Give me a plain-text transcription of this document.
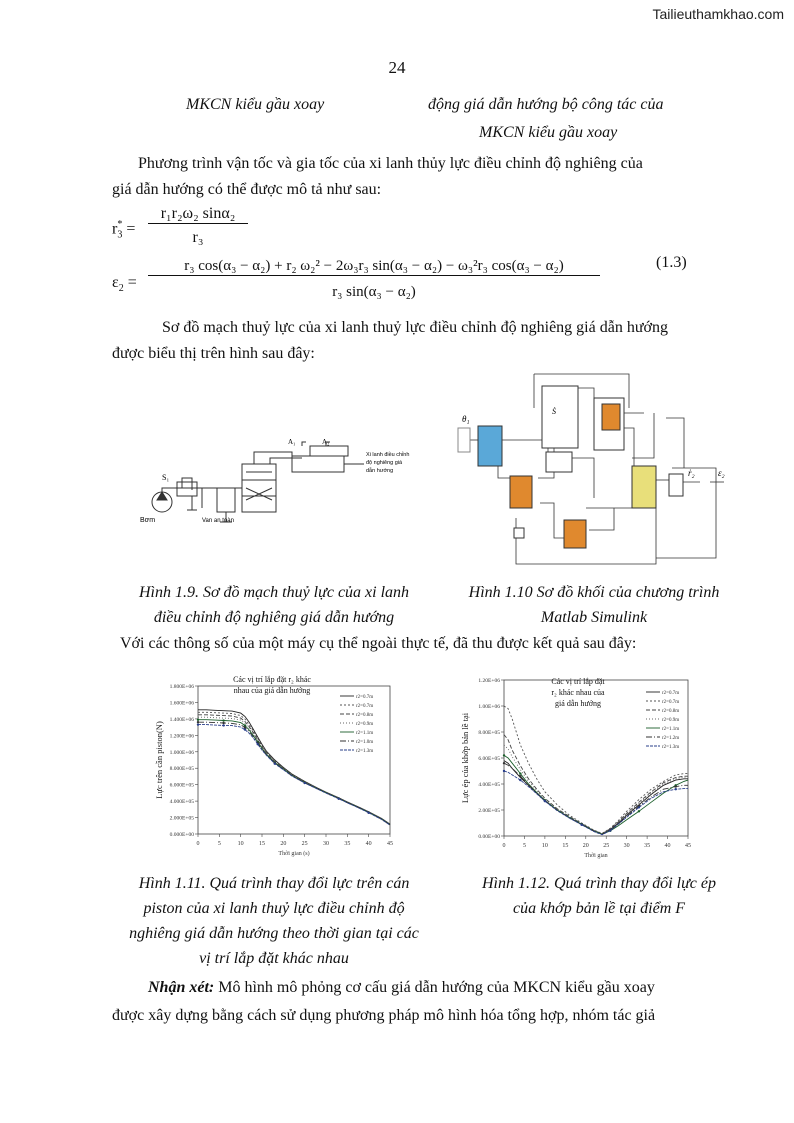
Tailieuthamkhao.com
24
MKCN kiểu gầu xoay	động giá dẫn hướng bộ công tác của
MKCN kiểu gầu xoay
Phương trình vận tốc và gia tốc của xi lanh thủy lực điều chỉnh độ nghiêng của
giá dẫn hướng có thể được mô tả như sau:
$r_3^*$ =
r₁r₂ω₂ sinα₂
r₃
$\varepsilon_2$ =
r₃ cos(α₃ − α₂) + r₂ ω₂² − 2ω₃r₃ sin(α₃ − α₂) − ω₃²r₃ cos(α₃ − α₂)
r₃ sin(α₃ − α₂)
(1.3)
Sơ đồ mạch thuỷ lực của xi lanh thuỷ lực điều chỉnh độ nghiêng giá dẫn hướng
được biểu thị trên hình sau đây:
Bơm
S₁
Van an toàn
A₁	A₂
Xi lanh điều chỉnh
độ nghiêng giá
dẫn hướng
θ₁
Ṡ
ṙ₂	ε₂
Hình 1.9. Sơ đồ mạch thuỷ lực của xi lanh
điều chỉnh độ nghiêng giá dẫn hướng
Hình 1.10 Sơ đồ khối của chương trình
Matlab Simulink
Với các thông số của một máy cụ thể ngoài thực tế, đã thu được kết quả sau đây:
0.000E+00
2.000E+05
4.000E+05
6.000E+05
8.000E+05
1.000E+06
1.200E+06
1.400E+06
1.600E+06
1.800E+06
0	5	10	15	20	25	30	35	40	45
Thời gian (s)
Lực trên cần piston(N)
r2=0.7m
r2=0.7m
r2=0.8m
r2=0.9m
r2=1.1m
r2=1.0m
r2=1.3m
Các vị trí lắp đặt r₂ khác
nhau của giá dẫn hướng
0.00E+00
2.00E+05
4.00E+05
6.00E+05
8.00E+05
1.00E+06
1.20E+06
0	5	10 15 20 25 30 35 40 45
Thời gian
Lực ép của khớp bản lề tại
r2=0.7m
r2=0.7m
r2=0.8m
r2=0.9m
r2=1.1m
r2=1.2m
r2=1.3m
Các vị trí lắp đặt
r₂ khác nhau của
giá dẫn hướng
Hình 1.11. Quá trình thay đổi lực trên cán
piston của xi lanh thuỷ lực điều chỉnh độ
nghiêng giá dẫn hướng theo thời gian tại các
vị trí lắp đặt khác nhau
Hình 1.12. Quá trình thay đổi lực ép
của khớp bản lề tại điểm F
Nhận xét: Mô hình mô phỏng cơ cấu giá dẫn hướng của MKCN kiểu gầu xoay
được xây dựng bằng cách sử dụng phương pháp mô hình hóa tổng hợp, nhóm tác giả
